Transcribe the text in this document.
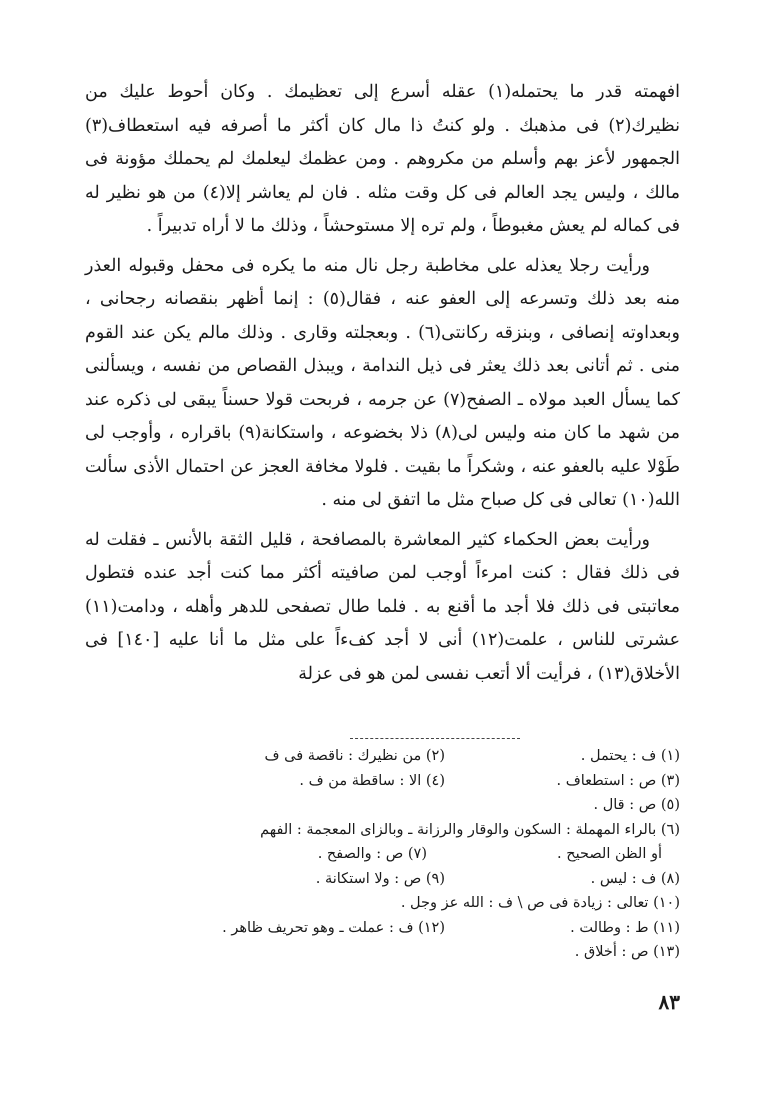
افهمته قدر ما يحتمله(١) عقله أسرع إلى تعظيمك . وكان أحوط عليك من نظيرك(٢) فى مذهبك . ولو كنتُ ذا مال كان أكثر ما أصرفه فيه استعطاف(٣) الجمهور لأعز بهم وأسلم من مكروهم . ومن عظمك ليعلمك لم يحملك مؤونة فى مالك ، وليس يجد العالم فى كل وقت مثله . فان لم يعاشر إلا(٤) من هو نظير له فى كماله لم يعش مغبوطاً ، ولم تره إلا مستوحشاً ، وذلك ما لا أراه تدبيراً .

ورأيت رجلا يعذله على مخاطبة رجل نال منه ما يكره فى محفل وقبوله العذر منه بعد ذلك وتسرعه إلى العفو عنه ، فقال(٥) : إنما أظهر بنقصانه رجحانى ، وبعداوته إنصافى ، وبنزقه ركانتى(٦) . وبعجلته وقارى . وذلك مالم يكن عند القوم منى . ثم أتانى بعد ذلك يعثر فى ذيل الندامة ، ويبذل القصاص من نفسه ، ويسألنى كما يسأل العبد مولاه ـ الصفح(٧) عن جرمه ، فربحت قولا حسناً يبقى لى ذكره عند من شهد ما كان منه وليس لى(٨) ذلا بخضوعه ، واستكانة(٩) باقراره ، وأوجب لى طَوْلا عليه بالعفو عنه ، وشكراً ما بقيت . فلولا مخافة العجز عن احتمال الأذى سألت الله(١٠) تعالى فى كل صباح مثل ما اتفق لى منه .

ورأيت بعض الحكماء كثير المعاشرة بالمصافحة ، قليل الثقة بالأنس ـ فقلت له فى ذلك فقال : كنت امرءاً أوجب لمن صافيته أكثر مما كنت أجد عنده فتطول معاتبتى فى ذلك فلا أجد ما أقنع به . فلما طال تصفحى للدهر وأهله ، ودامت(١١) عشرتى للناس ، علمت(١٢) أنى لا أجد كفءاً على مثل ما أنا عليه [١٤٠] فى الأخلاق(١٣) ، فرأيت ألا أتعب نفسى لمن هو فى عزلة

(١) ف : يحتمل .
(٢) من نظيرك : ناقصة فى ف
(٣) ص : استطعاف .
(٤) الا : ساقطة من ف .
(٥) ص : قال .
(٦) بالراء المهملة : السكون والوقار والرزانة ـ وبالزاى المعجمة : الفهم
أو الظن الصحيح .
(٧) ص : والصفح .
(٨) ف : ليس .
(٩) ص : ولا استكانة .
(١٠) تعالى : زيادة فى ص \ ف : الله عز وجل .
(١١) ط : وطالت .
(١٢) ف : عملت ـ وهو تحريف ظاهر .
(١٣) ص : أخلاق .
٨٣
